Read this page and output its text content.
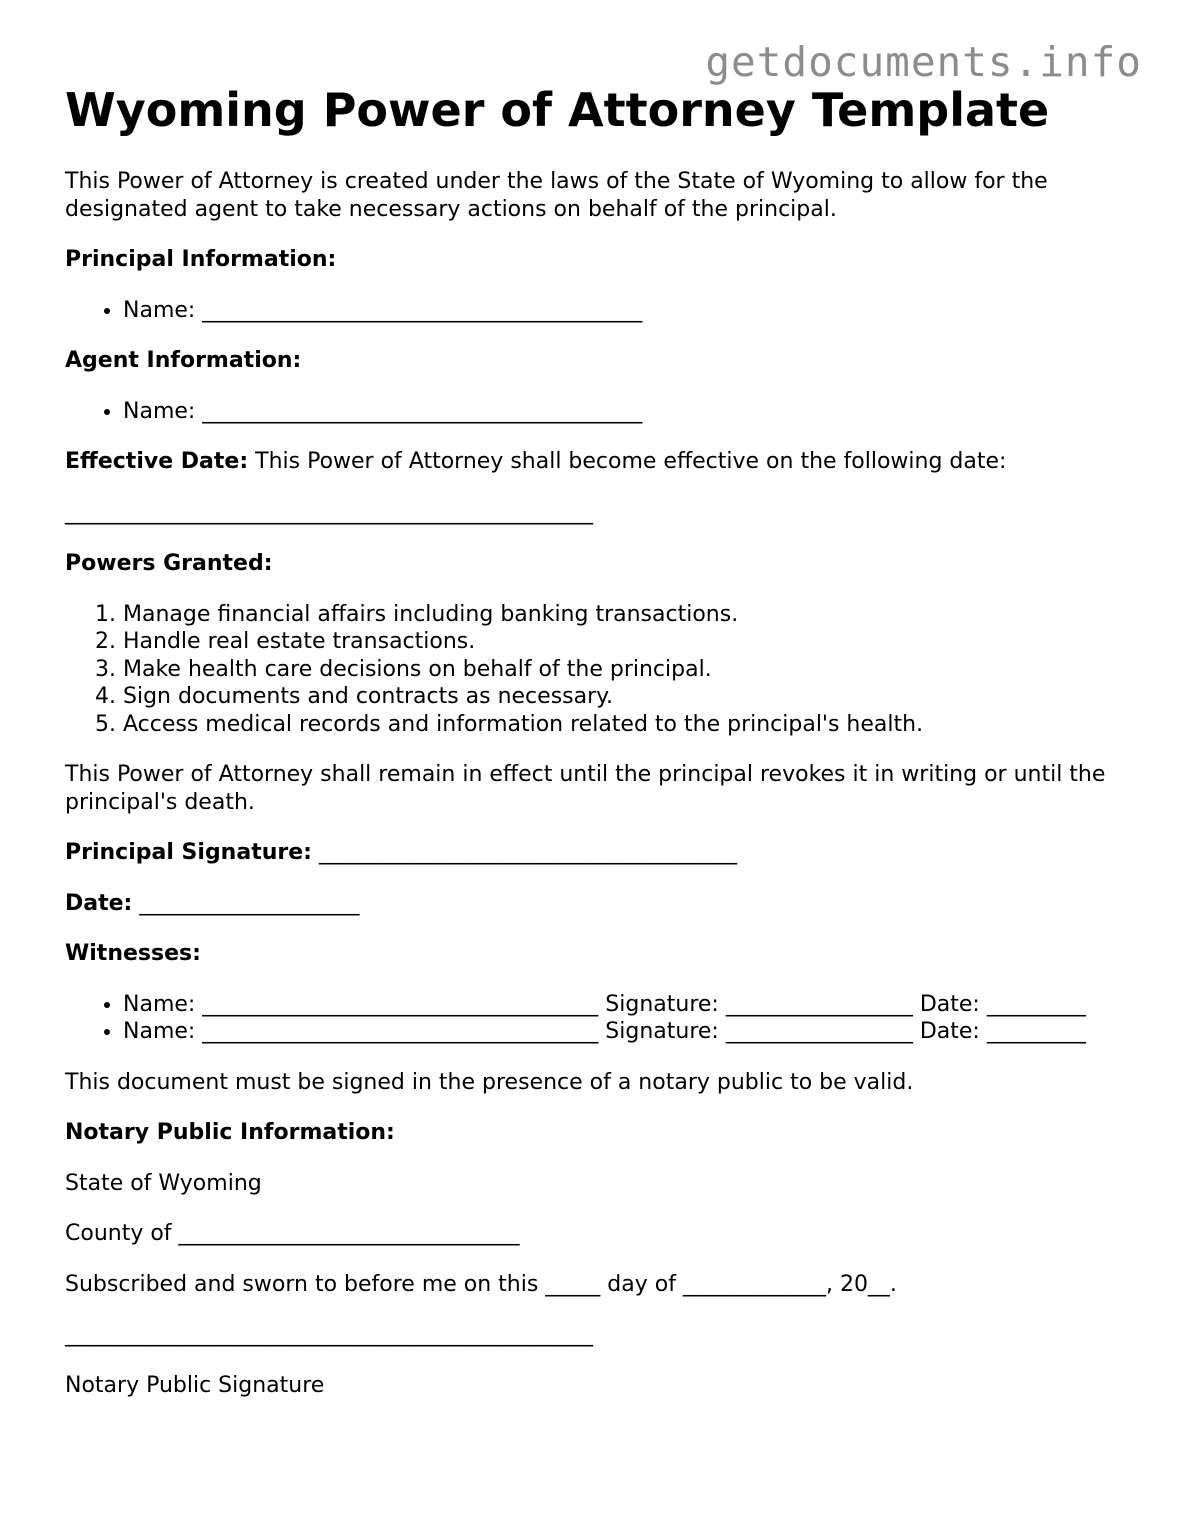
getdocuments.info
Wyoming Power of Attorney Template

This Power of Attorney is created under the laws of the State of Wyoming to allow for the designated agent to take necessary actions on behalf of the principal.

Principal Information:

• Name: ________________________________________

Agent Information:

• Name: ________________________________________

Effective Date: This Power of Attorney shall become effective on the following date:

________________________________________________

Powers Granted:

1. Manage financial affairs including banking transactions.
2. Handle real estate transactions.
3. Make health care decisions on behalf of the principal.
4. Sign documents and contracts as necessary.
5. Access medical records and information related to the principal's health.

This Power of Attorney shall remain in effect until the principal revokes it in writing or until the principal's death.

Principal Signature: ______________________________________

Date: ____________________

Witnesses:

• Name: ____________________________________ Signature: _________________ Date: _________
• Name: ____________________________________ Signature: _________________ Date: _________

This document must be signed in the presence of a notary public to be valid.

Notary Public Information:

State of Wyoming

County of _______________________________

Subscribed and sworn to before me on this _____ day of _____________, 20__.

________________________________________________

Notary Public Signature
